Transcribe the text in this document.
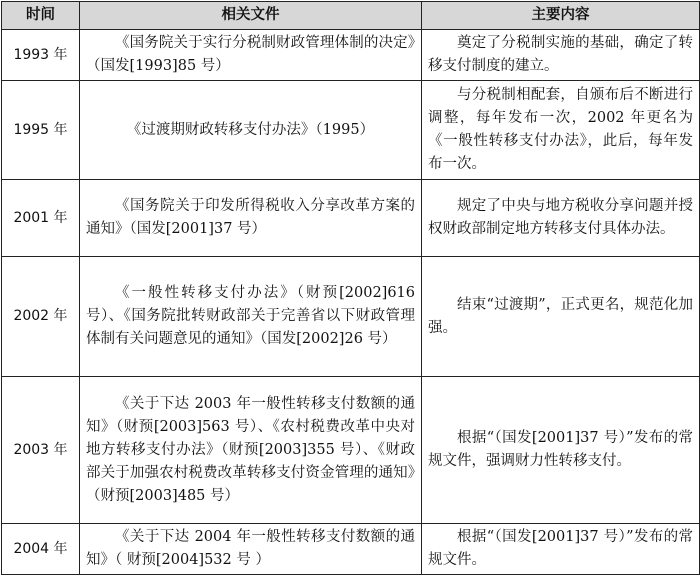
时间	相关文件	主要内容
1993 年	《国务院关于实行分税制财政管理体制的决定》（国发[1993]85 号）	奠定了分税制实施的基础，确定了转移支付制度的建立。
1995 年	《过渡期财政转移支付办法》（1995）	与分税制相配套，自颁布后不断进行调整，每年发布一次，2002 年更名为《一般性转移支付办法》，此后，每年发布一次。
2001 年	《国务院关于印发所得税收入分享改革方案的通知》（国发[2001]37 号）	规定了中央与地方税收分享问题并授权财政部制定地方转移支付具体办法。
2002 年	《一般性转移支付办法》（财预[2002]616 号）、《国务院批转财政部关于完善省以下财政管理体制有关问题意见的通知》（国发[2002]26 号）	结束“过渡期”，正式更名，规范化加强。
2003 年	《关于下达 2003 年一般性转移支付数额的通知》（财预[2003]563 号）、《农村税费改革中央对地方转移支付办法》（财预[2003]355 号）、《财政部关于加强农村税费改革转移支付资金管理的通知》（财预[2003]485 号）	根据“（国发[2001]37 号）”发布的常规文件，强调财力性转移支付。
2004 年	《关于下达 2004 年一般性转移支付数额的通知》（ 财预[2004]532 号 ）	根据“（国发[2001]37 号）”发布的常规文件。
